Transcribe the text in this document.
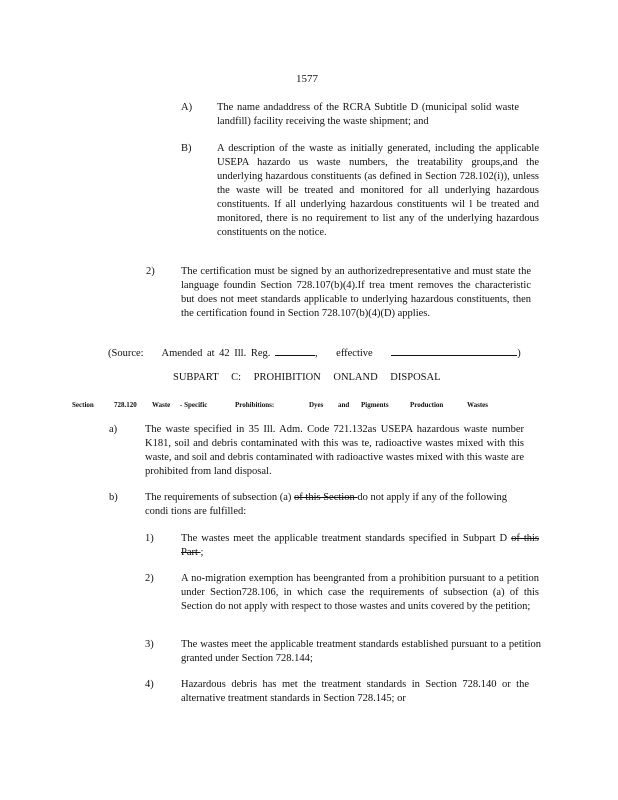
1577
A) The name andaddress of the RCRA Subtitle D (municipal solid waste landfill) facility receiving the waste shipment; and
B) A description of the waste as initially generated, including the applicable USEPA hazardo us waste numbers, the treatability groups,and the underlying hazardous constituents (as defined in Section 728.102(i)), unless the waste will be treated and monitored for all underlying hazardous constituents. If all underlying hazardous constituents wil l be treated and monitored, there is no requirement to list any of the underlying hazardous constituents on the notice.
2)	The certification must be signed by an authorizedrepresentative and must state the language foundin Section 728.107(b)(4).If trea tment removes the characteristic but does not meet standards applicable to underlying hazardous constituents, then the certification found in Section 728.107(b)(4)(D) applies.
(Source: Amended at 42 Ill. Reg.	, effective	)
SUBPART C: PROHIBITION ONLAND DISPOSAL
Section	728.120 Waste - Specific	Prohibitions:	Dyes and Pigments	Production	Wastes
a)	The waste specified in 35 Ill. Adm. Code 721.132as USEPA hazardous waste number K181, soil and debris contaminated with this was te, radioactive wastes mixed with this waste, and soil and debris contaminated with radioactive wastes mixed with this waste are prohibited from land disposal.
b)	The requirements of subsection (a) of this Section do not apply if any of the following condi tions are fulfilled:
1)	The wastes meet the applicable treatment standards specified in Subpart D of this Part ;
2)	A no-migration exemption has beengranted from a prohibition pursuant to a petition under Section728.106, in which case the requirements of subsection (a) of this Section do not apply with respect to those wastes and units covered by the petition;
3)	The wastes meet the applicable treatment standards established pursuant to a petition granted under Section 728.144;
4)	Hazardous debris has met the treatment standards in Section 728.140 or the alternative treatment standards in Section 728.145; or
